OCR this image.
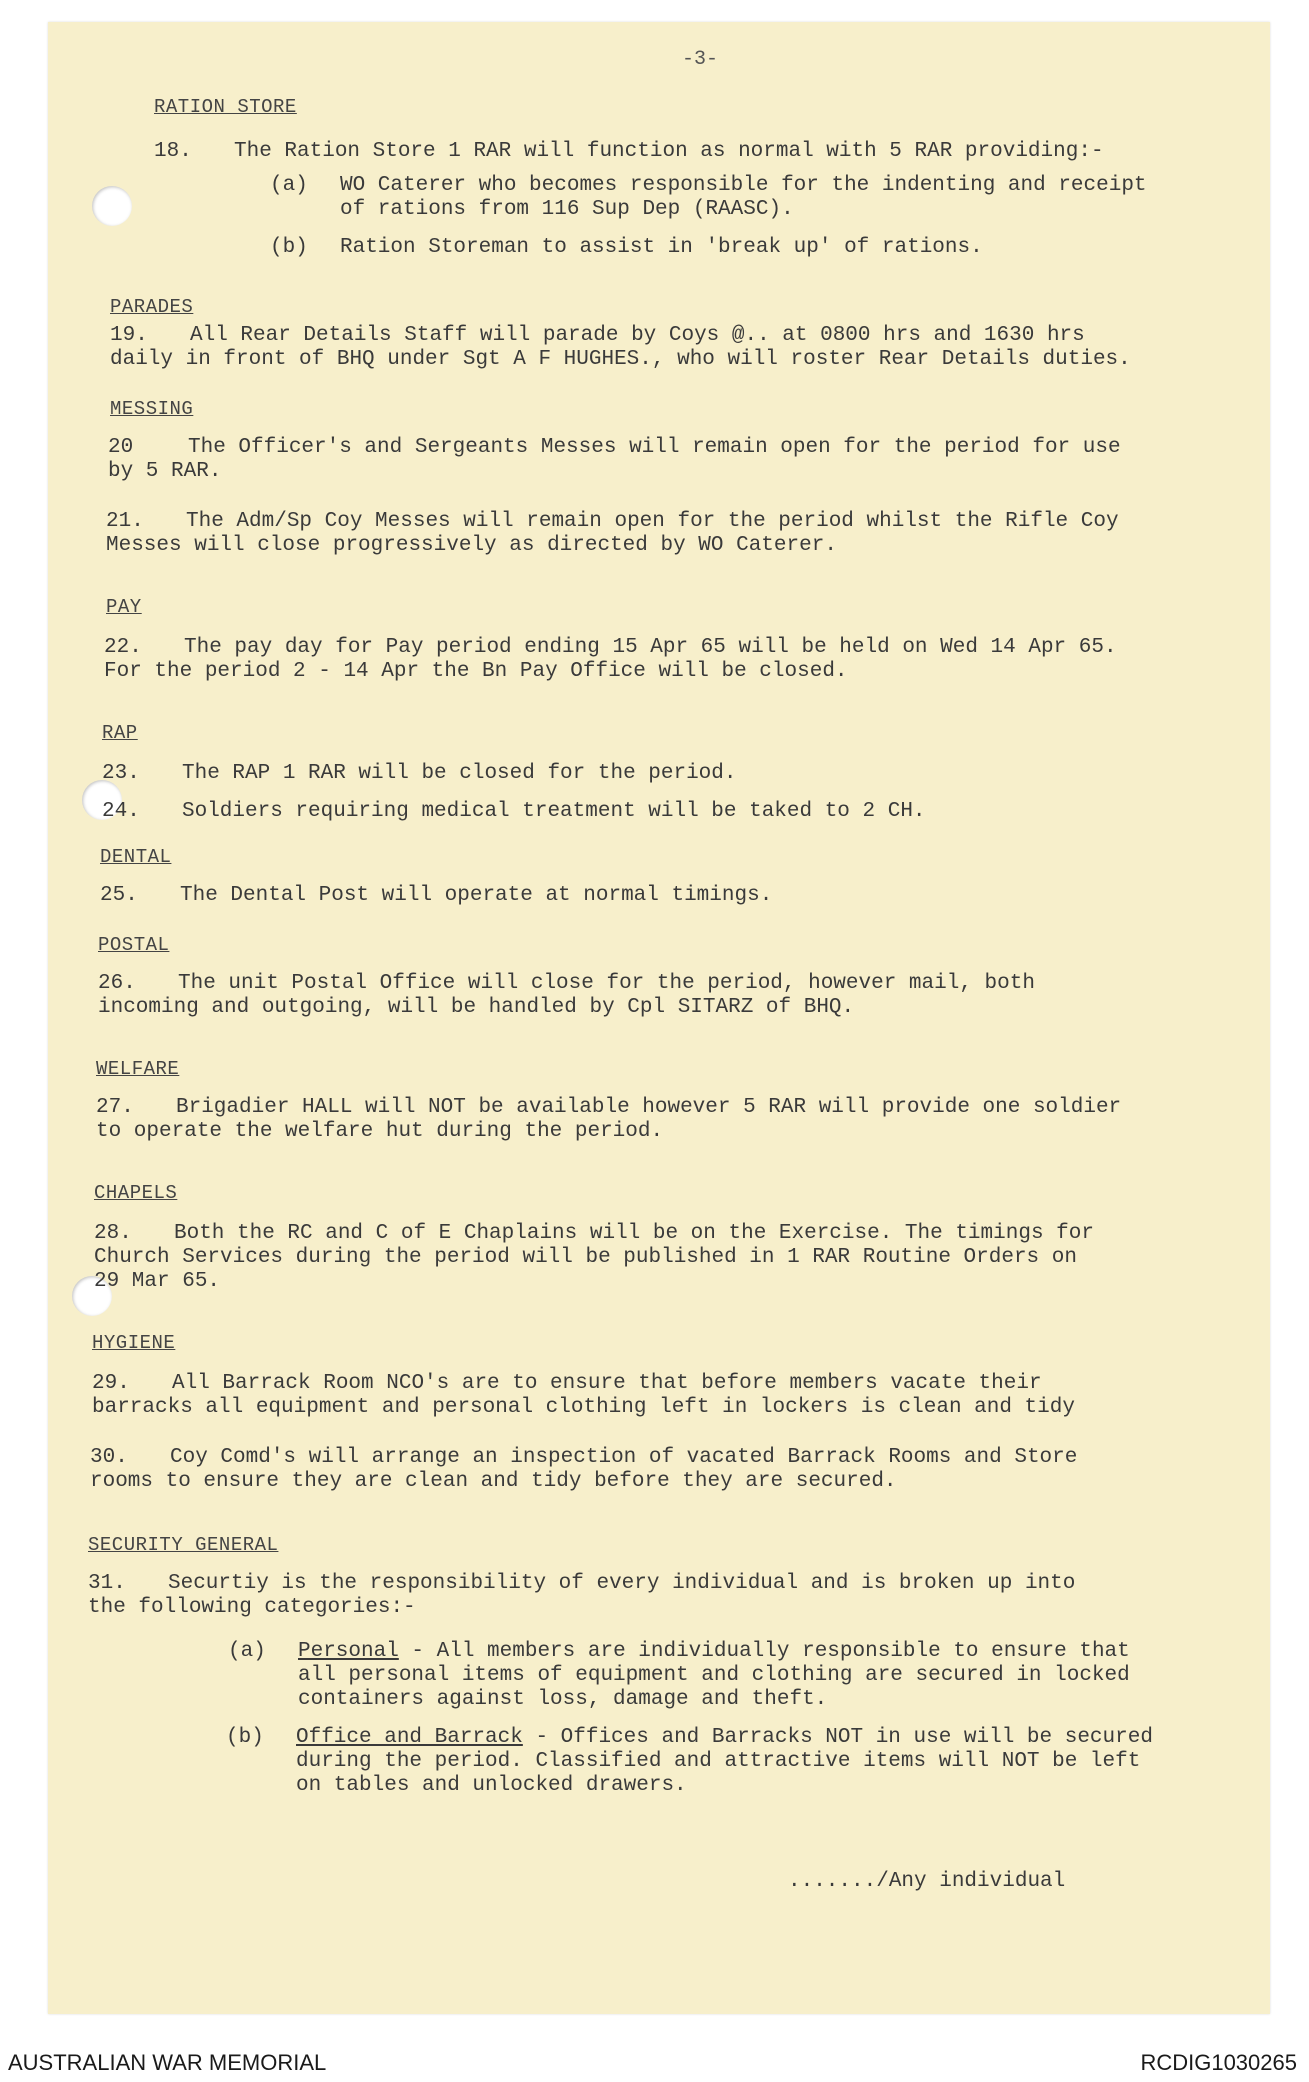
-3-
RATION STORE
18. The Ration Store 1 RAR will function as normal with 5 RAR providing:-
(a) WO Caterer who becomes responsible for the indenting and receipt
of rations from 116 Sup Dep (RAASC).
(b) Ration Storeman to assist in 'break up' of rations.
PARADES
19. All Rear Details Staff will parade by Coys @.. at 0800 hrs and 1630 hrs
daily in front of BHQ under Sgt A F HUGHES., who will roster Rear Details duties.
MESSING
20	The Officer's and Sergeants Messes will remain open for the period for use
by 5 RAR.
21. The Adm/Sp Coy Messes will remain open for the period whilst the Rifle Coy
Messes will close progressively as directed by WO Caterer.
PAY
22. The pay day for Pay period ending 15 Apr 65 will be held on Wed 14 Apr 65.
For the period 2 - 14 Apr the Bn Pay Office will be closed.
RAP
23. The RAP 1 RAR will be closed for the period.
24. Soldiers requiring medical treatment will be taked to 2 CH.
DENTAL
25. The Dental Post will operate at normal timings.
POSTAL
26. The unit Postal Office will close for the period, however mail, both
incoming and outgoing, will be handled by Cpl SITARZ of BHQ.
WELFARE
27. Brigadier HALL will NOT be available however 5 RAR will provide one soldier
to operate the welfare hut during the period.
CHAPELS
28. Both the RC and C of E Chaplains will be on the Exercise. The timings for
Church Services during the period will be published in 1 RAR Routine Orders on
29 Mar 65.
HYGIENE
29. All Barrack Room NCO's are to ensure that before members vacate their
barracks all equipment and personal clothing left in lockers is clean and tidy
30. Coy Comd's will arrange an inspection of vacated Barrack Rooms and Store
rooms to ensure they are clean and tidy before they are secured.
SECURITY GENERAL
31. Securtiy is the responsibility of every individual and is broken up into
the following categories:-
(a) Personal - All members are individually responsible to ensure that
all personal items of equipment and clothing are secured in locked
containers against loss, damage and theft.
(b) Office and Barrack - Offices and Barracks NOT in use will be secured
during the period. Classified and attractive items will NOT be left
on tables and unlocked drawers.
......./Any individual
AUSTRALIAN WAR MEMORIAL	RCDIG1030265
